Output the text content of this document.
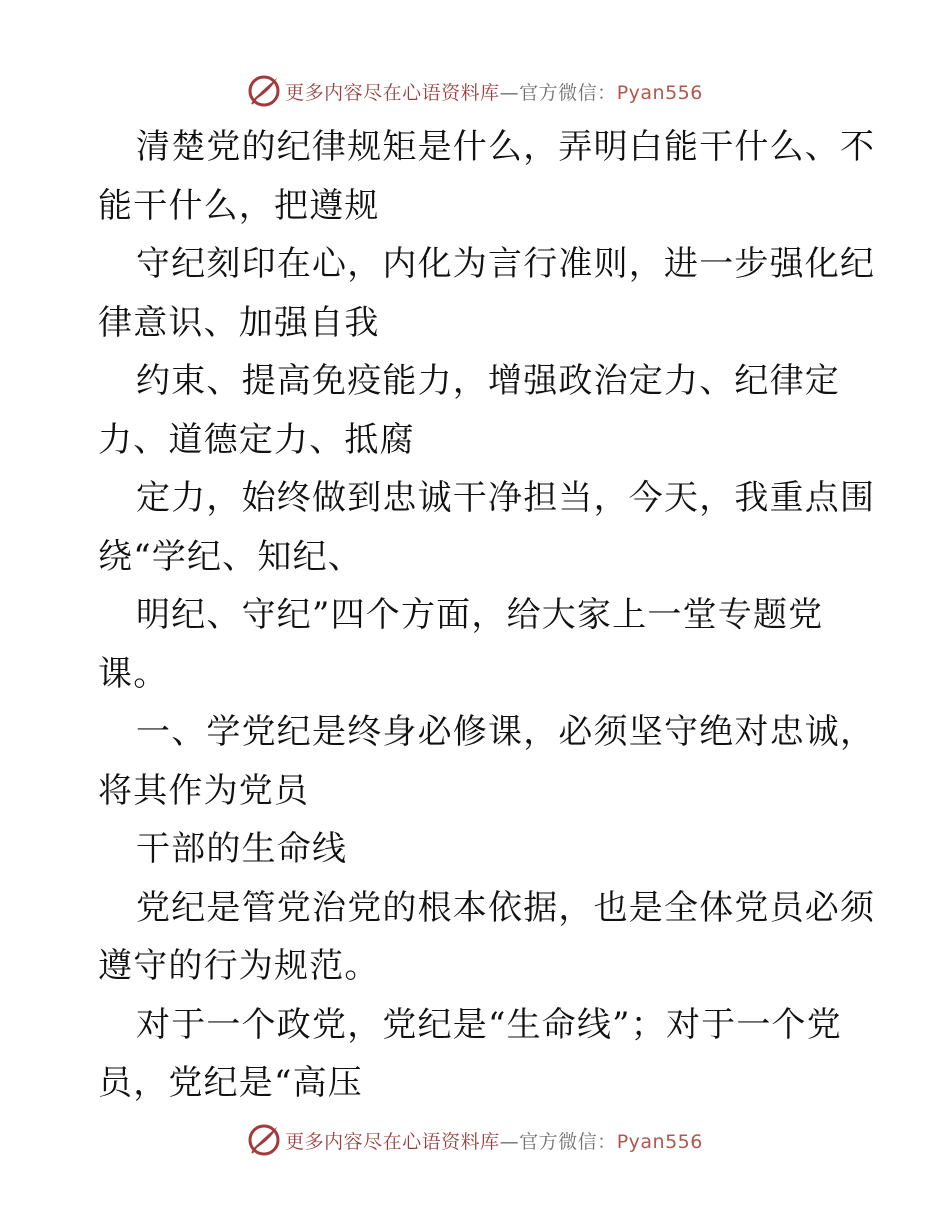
更多内容尽在心语资料库—官方微信：Pyan556
清楚党的纪律规矩是什么，弄明白能干什么、不
能干什么，把遵规
守纪刻印在心，内化为言行准则，进一步强化纪
律意识、加强自我
约束、提高免疫能力，增强政治定力、纪律定
力、道德定力、抵腐
定力，始终做到忠诚干净担当，今天，我重点围
绕“学纪、知纪、
明纪、守纪”四个方面，给大家上一堂专题党
课。
一、学党纪是终身必修课，必须坚守绝对忠诚，
将其作为党员
干部的生命线
党纪是管党治党的根本依据，也是全体党员必须
遵守的行为规范。
对于一个政党，党纪是“生命线”；对于一个党
员，党纪是“高压
更多内容尽在心语资料库—官方微信：Pyan556
